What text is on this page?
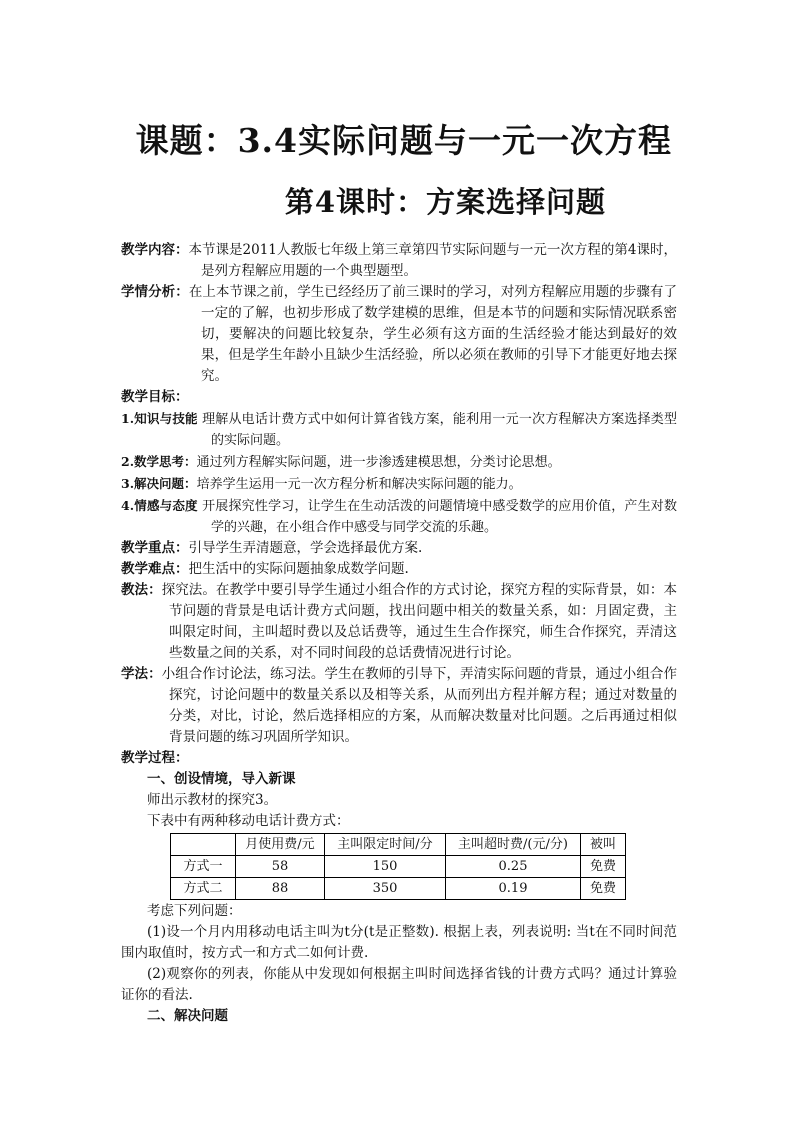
课题：3.4实际问题与一元一次方程
第4课时：方案选择问题

教学内容：本节课是2011人教版七年级上第三章第四节实际问题与一元一次方程的第4课时，是列方程解应用题的一个典型题型。

学情分析：在上本节课之前，学生已经经历了前三课时的学习，对列方程解应用题的步骤有了一定的了解，也初步形成了数学建模的思维，但是本节的问题和实际情况联系密切，要解决的问题比较复杂，学生必须有这方面的生活经验才能达到最好的效果，但是学生年龄小且缺少生活经验，所以必须在教师的引导下才能更好地去探究。

教学目标：

1.知识与技能 理解从电话计费方式中如何计算省钱方案，能利用一元一次方程解决方案选择类型的实际问题。

2.数学思考：通过列方程解实际问题，进一步渗透建模思想，分类讨论思想。

3.解决问题：培养学生运用一元一次方程分析和解决实际问题的能力。

4.情感与态度 开展探究性学习，让学生在生动活泼的问题情境中感受数学的应用价值，产生对数学的兴趣，在小组合作中感受与同学交流的乐趣。

教学重点：引导学生弄清题意，学会选择最优方案.

教学难点：把生活中的实际问题抽象成数学问题.

教法：探究法。在教学中要引导学生通过小组合作的方式讨论，探究方程的实际背景，如：本节问题的背景是电话计费方式问题，找出问题中相关的数量关系，如：月固定费，主叫限定时间，主叫超时费以及总话费等，通过生生合作探究，师生合作探究，弄清这些数量之间的关系，对不同时间段的总话费情况进行讨论。

学法：小组合作讨论法，练习法。学生在教师的引导下，弄清实际问题的背景，通过小组合作探究，讨论问题中的数量关系以及相等关系，从而列出方程并解方程；通过对数量的分类，对比，讨论，然后选择相应的方案，从而解决数量对比问题。之后再通过相似背景问题的练习巩固所学知识。

教学过程：

一、创设情境，导入新课

师出示教材的探究3。

下表中有两种移动电话计费方式：

	月使用费/元	主叫限定时间/分	主叫超时费/(元/分)	被叫
方式一	58	150	0.25	免费
方式二	88	350	0.19	免费

考虑下列问题：

(1)设一个月内用移动电话主叫为t分(t是正整数). 根据上表，列表说明: 当t在不同时间范围内取值时，按方式一和方式二如何计费.

(2)观察你的列表，你能从中发现如何根据主叫时间选择省钱的计费方式吗？通过计算验证你的看法.

二、解决问题
